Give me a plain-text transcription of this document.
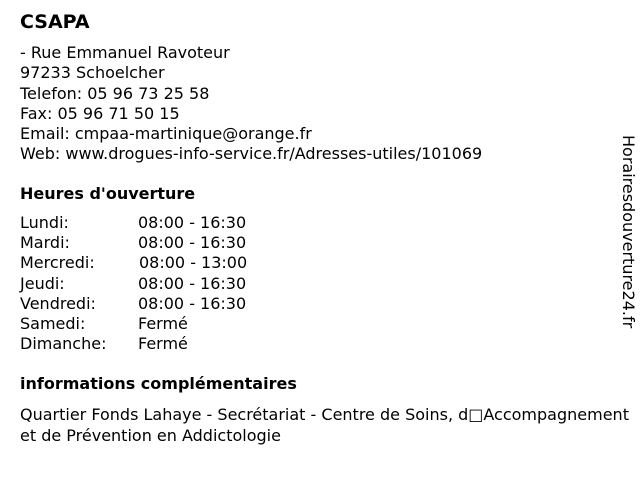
CSAPA
- Rue Emmanuel Ravoteur
97233 Schoelcher
Telefon: 05 96 73 25 58
Fax: 05 96 71 50 15
Email: cmpaa-martinique@orange.fr
Web: www.drogues-info-service.fr/Adresses-utiles/101069
Heures d'ouverture
Lundi:	08:00 - 16:30
Mardi:	08:00 - 16:30
Mercredi:	08:00 - 13:00
Jeudi:	08:00 - 16:30
Vendredi:	08:00 - 16:30
Samedi:	Fermé
Dimanche: Fermé
informations complémentaires
Quartier Fonds Lahaye - Secrétariat - Centre de Soins, d□Accompagnement et de Prévention en Addictologie
Horairesdouverture24.fr
